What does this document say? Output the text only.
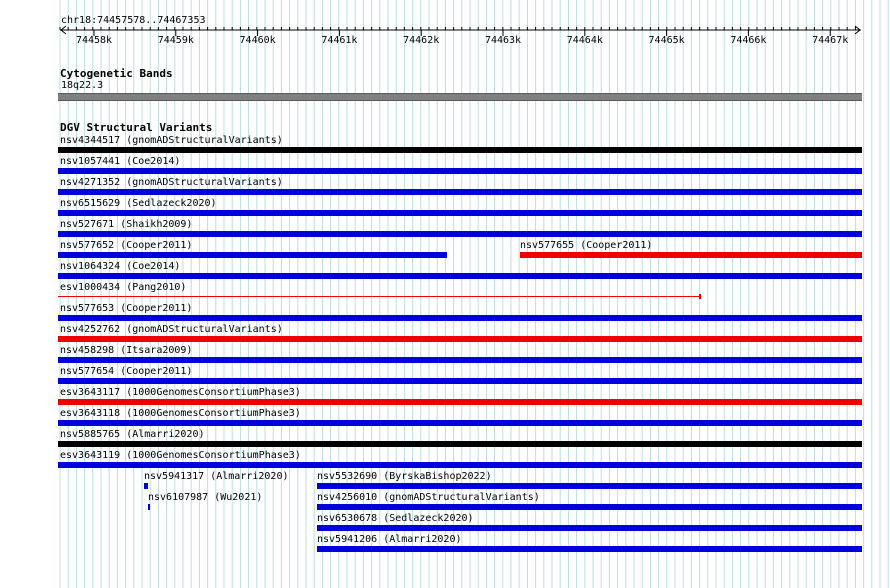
chr18:74457578..74467353
74458k	74459k	74460k	74461k	74462k	74463k	74464k	74465k	74466k	74467k
Cytogenetic Bands
18q22.3
DGV Structural Variants
nsv4344517 (gnomADStructuralVariants)
nsv1057441 (Coe2014)
nsv4271352 (gnomADStructuralVariants)
nsv6515629 (Sedlazeck2020)
nsv527671 (Shaikh2009)
nsv577652 (Cooper2011)	nsv577655 (Cooper2011)
nsv1064324 (Coe2014)
esv1000434 (Pang2010)
nsv577653 (Cooper2011)
nsv4252762 (gnomADStructuralVariants)
nsv458298 (Itsara2009)
nsv577654 (Cooper2011)
esv3643117 (1000GenomesConsortiumPhase3)
esv3643118 (1000GenomesConsortiumPhase3)
nsv5885765 (Almarri2020)
esv3643119 (1000GenomesConsortiumPhase3)
nsv5941317 (Almarri2020)
nsv6107987 (Wu2021)
nsv5532690 (ByrskaBishop2022)
nsv4256010 (gnomADStructuralVariants)
nsv6530678 (Sedlazeck2020)
nsv5941206 (Almarri2020)
